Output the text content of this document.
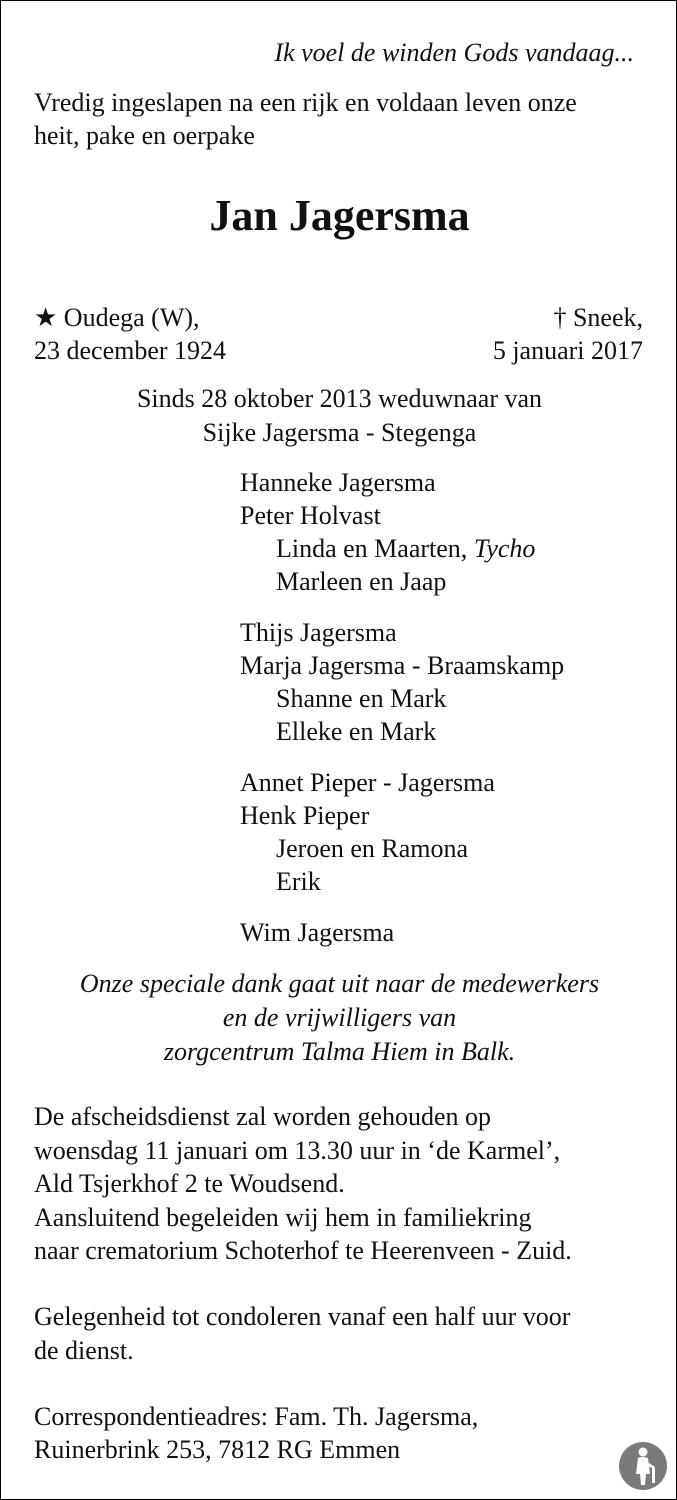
Ik voel de winden Gods vandaag...
Vredig ingeslapen na een rijk en voldaan leven onze
heit, pake en oerpake
Jan Jagersma
★ Oudega (W),
23 december 1924
† Sneek,
5 januari 2017
Sinds 28 oktober 2013 weduwnaar van
Sijke Jagersma - Stegenga
Hanneke Jagersma
Peter Holvast
Linda en Maarten, Tycho
Marleen en Jaap
Thijs Jagersma
Marja Jagersma - Braamskamp
Shanne en Mark
Elleke en Mark
Annet Pieper - Jagersma
Henk Pieper
Jeroen en Ramona
Erik
Wim Jagersma
Onze speciale dank gaat uit naar de medewerkers
en de vrijwilligers van
zorgcentrum Talma Hiem in Balk.
De afscheidsdienst zal worden gehouden op
woensdag 11 januari om 13.30 uur in ‘de Karmel’,
Ald Tsjerkhof 2 te Woudsend.
Aansluitend begeleiden wij hem in familiekring
naar crematorium Schoterhof te Heerenveen - Zuid.
Gelegenheid tot condoleren vanaf een half uur voor
de dienst.
Correspondentieadres: Fam. Th. Jagersma,
Ruinerbrink 253, 7812 RG Emmen
